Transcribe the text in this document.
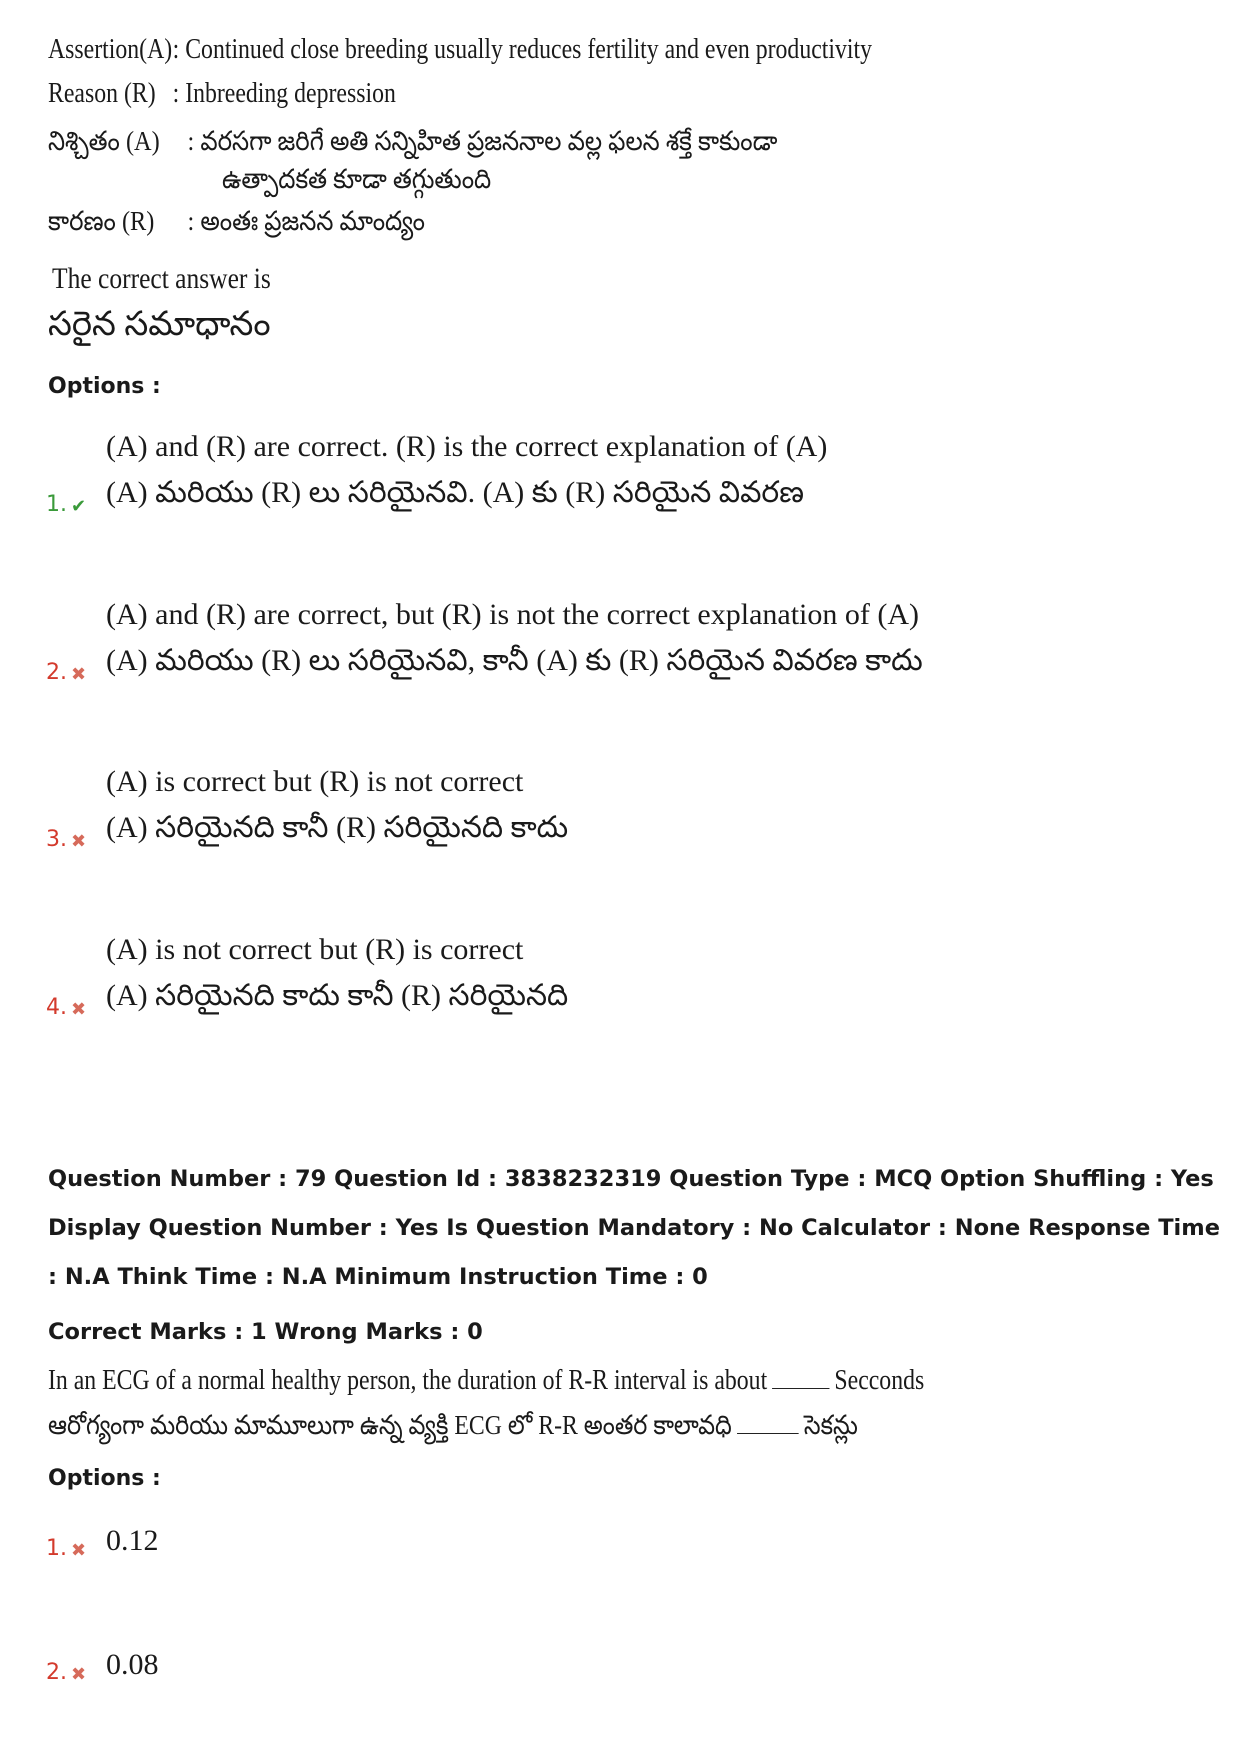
Assertion(A): Continued close breeding usually reduces fertility and even productivity
Reason (R) : Inbreeding depression
నిశ్చితం (A) : వరసగా జరిగే అతి సన్నిహిత ప్రజననాల వల్ల ఫలన శక్తే కాకుండా
ఉత్పాదకత కూడా తగ్గుతుంది
కారణం (R) : అంతః ప్రజనన మాంద్యం
The correct answer is
సరైన సమాధానం
Options :
(A) and (R) are correct. (R) is the correct explanation of (A)
1. ✔ (A) మరియు (R) లు సరియైనవి. (A) కు (R) సరియైన వివరణ
(A) and (R) are correct, but (R) is not the correct explanation of (A)
2. ✖ (A) మరియు (R) లు సరియైనవి, కానీ (A) కు (R) సరియైన వివరణ కాదు
(A) is correct but (R) is not correct
3. ✖ (A) సరియైనది కానీ (R) సరియైనది కాదు
(A) is not correct but (R) is correct
4. ✖ (A) సరియైనది కాదు కానీ (R) సరియైనది
Question Number : 79 Question Id : 3838232319 Question Type : MCQ Option Shuffling : Yes
Display Question Number : Yes Is Question Mandatory : No Calculator : None Response Time
: N.A Think Time : N.A Minimum Instruction Time : 0
Correct Marks : 1 Wrong Marks : 0
In an ECG of a normal healthy person, the duration of R-R interval is about Secconds
ఆరోగ్యంగా మరియు మామూలుగా ఉన్న వ్యక్తి ECG లో R-R అంతర కాలావధి	సెకన్లు
Options :
1. ✖ 0.12
2. ✖ 0.08
